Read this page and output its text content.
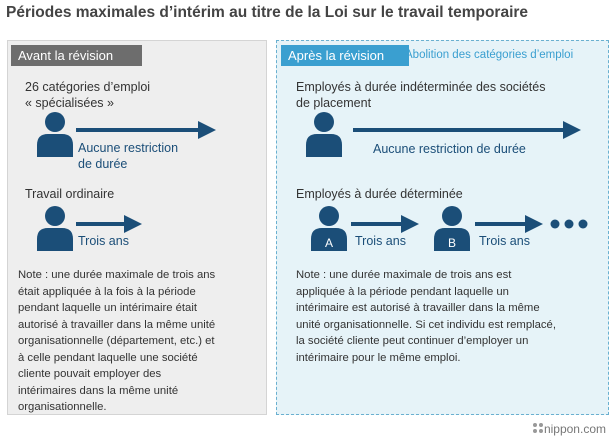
Périodes maximales d’intérim au titre de la Loi sur le travail temporaire
Avant la révision
26 catégories d’emploi
« spécialisées »
Aucune restriction
de durée
Travail ordinaire
Trois ans
Note : une durée maximale de trois ans
était appliquée à la fois à la période
pendant laquelle un intérimaire était
autorisé à travailler dans la même unité
organisationnelle (département, etc.) et
à celle pendant laquelle une société
cliente pouvait employer des
intérimaires dans la même unité
organisationnelle.
Après la révision	Abolition des catégories d’emploi
Employés à durée indéterminée des sociétés
de placement
Aucune restriction de durée
Employés à durée déterminée
A Trois ans	B Trois ans
Note : une durée maximale de trois ans est
appliquée à la période pendant laquelle un
intérimaire est autorisé à travailler dans la même
unité organisationnelle. Si cet individu est remplacé,
la société cliente peut continuer d’employer un
intérimaire pour le même emploi.
nippon.com
